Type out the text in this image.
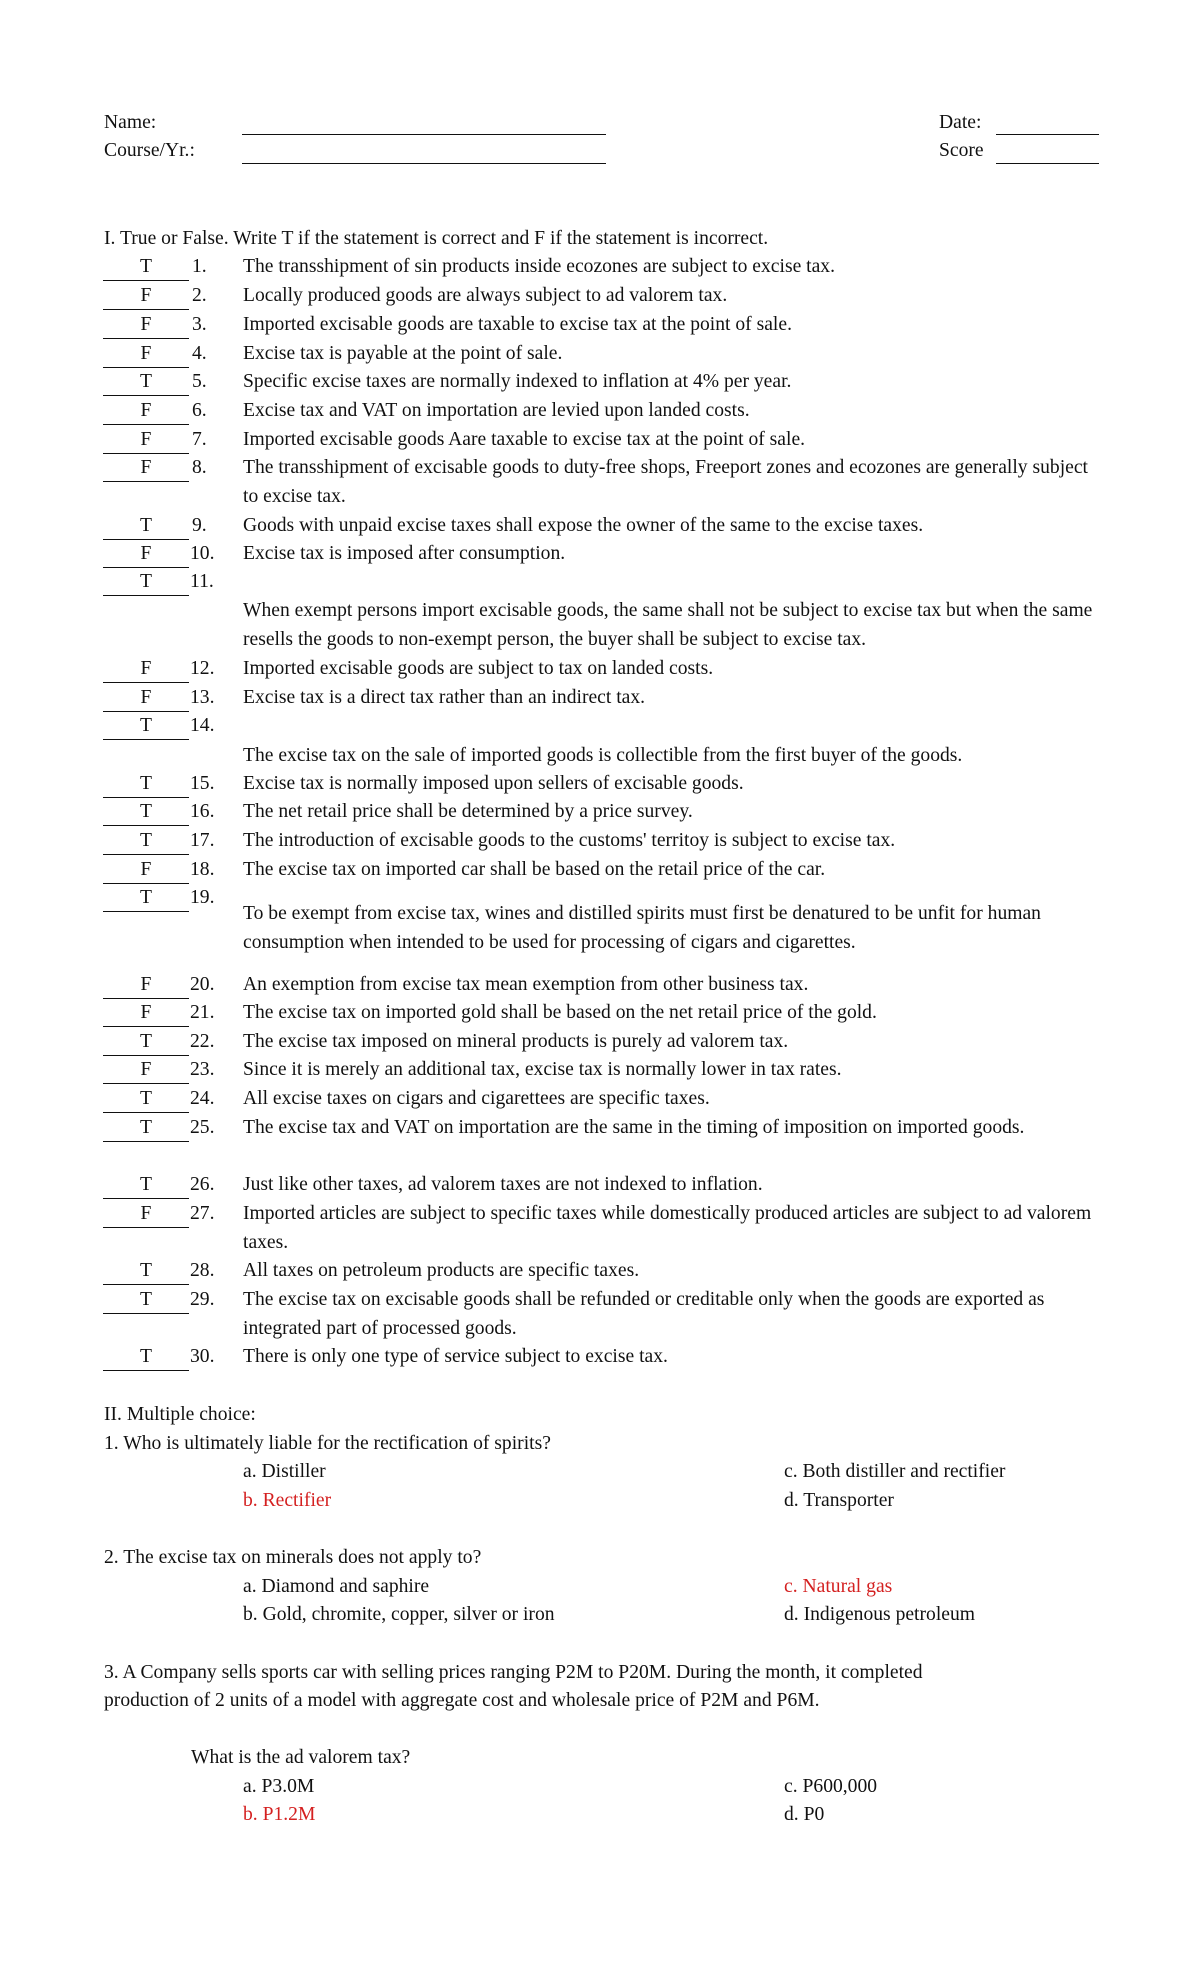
Name:
Course/Yr.:
Date:
Score
I. True or False. Write T if the statement is correct and F if the statement is incorrect.
T	1. The transshipment of sin products inside ecozones are subject to excise tax.
F	2. Locally produced goods are always subject to ad valorem tax.
F	3. Imported excisable goods are taxable to excise tax at the point of sale.
F	4. Excise tax is payable at the point of sale.
T	5. Specific excise taxes are normally indexed to inflation at 4% per year.
F	6. Excise tax and VAT on importation are levied upon landed costs.
F	7. Imported excisable goods Aare taxable to excise tax at the point of sale.
F	8. The transshipment of excisable goods to duty-free shops, Freeport zones and ecozones are generally subject to excise tax.
T	9. Goods with unpaid excise taxes shall expose the owner of the same to the excise taxes.
F	10. Excise tax is imposed after consumption.
T	11.
When exempt persons import excisable goods, the same shall not be subject to excise tax but when the same resells the goods to non-exempt person, the buyer shall be subject to excise tax.
F	12. Imported excisable goods are subject to tax on landed costs.
F	13. Excise tax is a direct tax rather than an indirect tax.
T	14.
The excise tax on the sale of imported goods is collectible from the first buyer of the goods.
T	15. Excise tax is normally imposed upon sellers of excisable goods.
T	16. The net retail price shall be determined by a price survey.
T	17. The introduction of excisable goods to the customs' territoy is subject to excise tax.
F	18. The excise tax on imported car shall be based on the retail price of the car.
T	19.
To be exempt from excise tax, wines and distilled spirits must first be denatured to be unfit for human consumption when intended to be used for processing of cigars and cigarettes.
F	20. An exemption from excise tax mean exemption from other business tax.
F	21. The excise tax on imported gold shall be based on the net retail price of the gold.
T	22. The excise tax imposed on mineral products is purely ad valorem tax.
F	23. Since it is merely an additional tax, excise tax is normally lower in tax rates.
T	24. All excise taxes on cigars and cigarettees are specific taxes.
T	25. The excise tax and VAT on importation are the same in the timing of imposition on imported goods.
T	26. Just like other taxes, ad valorem taxes are not indexed to inflation.
F	27. Imported articles are subject to specific taxes while domestically produced articles are subject to ad valorem taxes.
T	28. All taxes on petroleum products are specific taxes.
T	29. The excise tax on excisable goods shall be refunded or creditable only when the goods are exported as integrated part of processed goods.
T	30. There is only one type of service subject to excise tax.
II. Multiple choice:
1. Who is ultimately liable for the rectification of spirits?
a. Distiller
b. Rectifier
c. Both distiller and rectifier
d. Transporter
2. The excise tax on minerals does not apply to?
a. Diamond and saphire
b. Gold, chromite, copper, silver or iron
c. Natural gas
d. Indigenous petroleum
3. A Company sells sports car with selling prices ranging P2M to P20M. During the month, it completed
production of 2 units of a model with aggregate cost and wholesale price of P2M and P6M.
What is the ad valorem tax?
a. P3.0M
b. P1.2M
c. P600,000
d. P0
